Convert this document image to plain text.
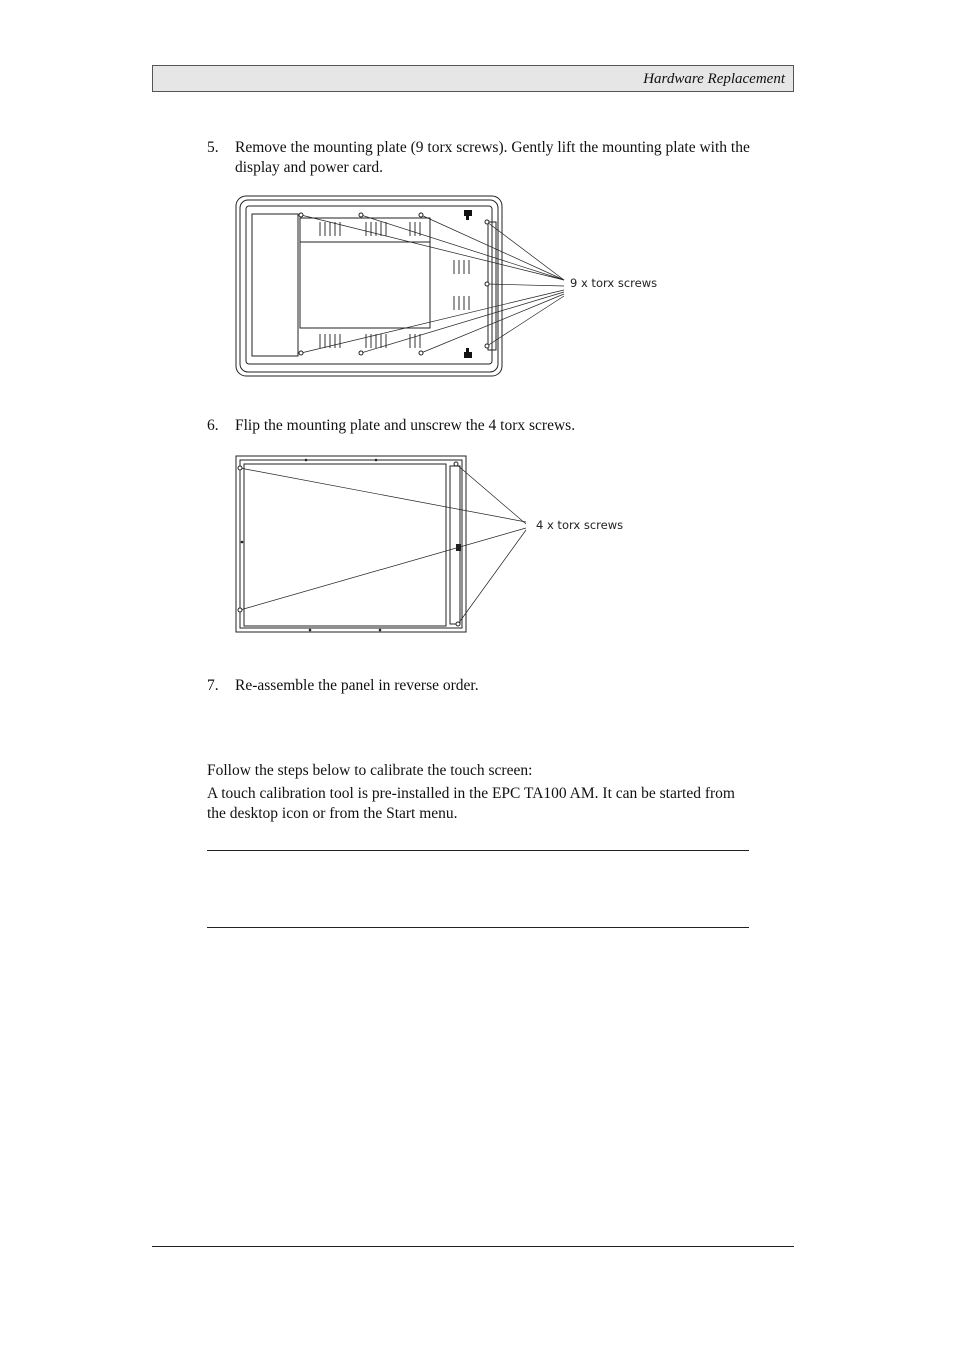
Hardware Replacement
5. Remove the mounting plate (9 torx screws). Gently lift the mounting plate with the display and power card.
9 x torx screws
6. Flip the mounting plate and unscrew the 4 torx screws.
4 x torx screws
7. Re-assemble the panel in reverse order.
Follow the steps below to calibrate the touch screen:
A touch calibration tool is pre-installed in the EPC TA100 AM. It can be started from the desktop icon or from the Start menu.
